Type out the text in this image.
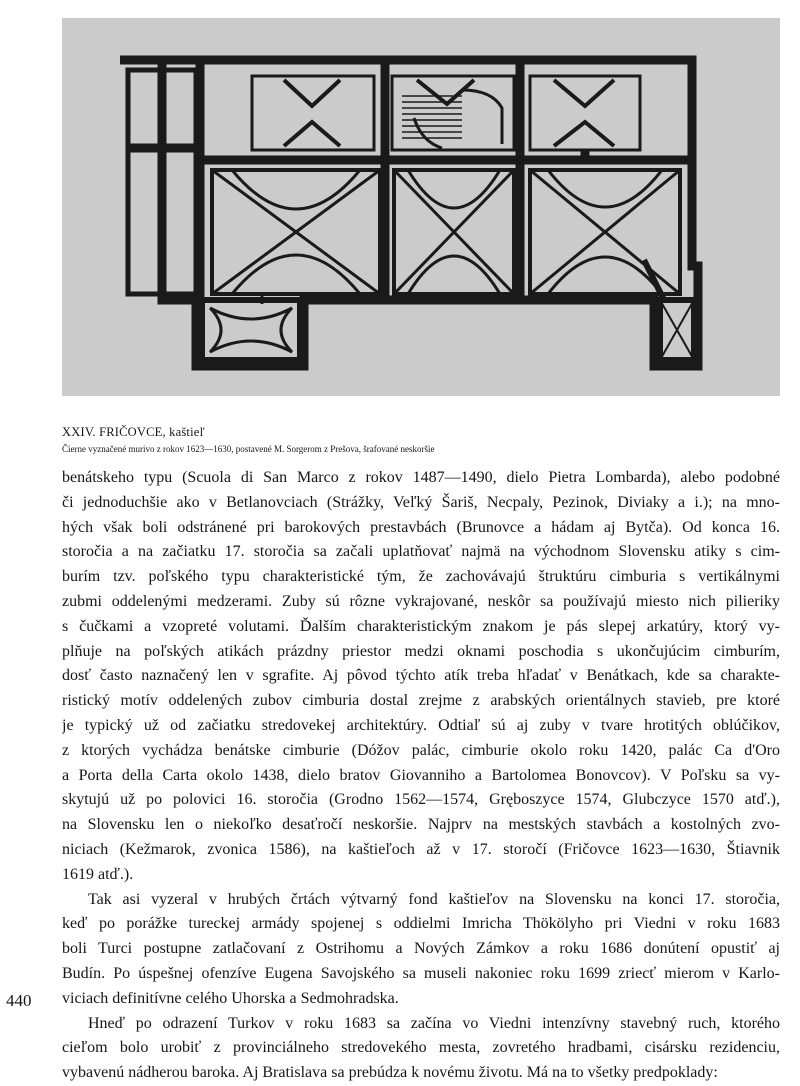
XXIV. FRIČOVCE, kaštieľ
Čierne vyznačené murivo z rokov 1623—1630, postavené M. Sorgerom z Prešova, šrafované neskoršie
benátskeho typu (Scuola di San Marco z rokov 1487—1490, dielo Pietra Lombarda), alebo podobné
či jednoduchšie ako v Betlanovciach (Strážky, Veľký Šariš, Necpaly, Pezinok, Diviaky a i.); na mno-
hých však boli odstránené pri barokových prestavbách (Brunovce a hádam aj Bytča). Od konca 16.
storočia a na začiatku 17. storočia sa začali uplatňovať najmä na východnom Slovensku atiky s cim-
burím tzv. poľského typu charakteristické tým, že zachovávajú štruktúru cimburia s vertikálnymi
zubmi oddelenými medzerami. Zuby sú rôzne vykrajované, neskôr sa používajú miesto nich pilieriky
s čučkami a vzopreté volutami. Ďalším charakteristickým znakom je pás slepej arkatúry, ktorý vy-
plňuje na poľských atikách prázdny priestor medzi oknami poschodia s ukončujúcim cimburím,
dosť často naznačený len v sgrafite. Aj pôvod týchto atík treba hľadať v Benátkach, kde sa charakte-
ristický motív oddelených zubov cimburia dostal zrejme z arabských orientálnych stavieb, pre ktoré
je typický už od začiatku stredovekej architektúry. Odtiaľ sú aj zuby v tvare hrotitých oblúčikov,
z ktorých vychádza benátske cimburie (Dóžov palác, cimburie okolo roku 1420, palác Ca d'Oro
a Porta della Carta okolo 1438, dielo bratov Giovanniho a Bartolomea Bonovcov). V Poľsku sa vy-
skytujú už po polovici 16. storočia (Grodno 1562—1574, Gręboszyce 1574, Glubczyce 1570 atď.),
na Slovensku len o niekoľko desaťročí neskoršie. Najprv na mestských stavbách a kostolných zvo-
niciach (Kežmarok, zvonica 1586), na kaštieľoch až v 17. storočí (Fričovce 1623—1630, Štiavnik
1619 atď.).
Tak asi vyzeral v hrubých črtách výtvarný fond kaštieľov na Slovensku na konci 17. storočia,
keď po porážke tureckej armády spojenej s oddielmi Imricha Thökölyho pri Viedni v roku 1683
boli Turci postupne zatlačovaní z Ostrihomu a Nových Zámkov a roku 1686 donútení opustiť aj
Budín. Po úspešnej ofenzíve Eugena Savojského sa museli nakoniec roku 1699 zriecť mierom v Karlo-
viciach definitívne celého Uhorska a Sedmohradska.
Hneď po odrazení Turkov v roku 1683 sa začína vo Viedni intenzívny stavebný ruch, ktorého
cieľom bolo urobiť z provinciálneho stredovekého mesta, zovretého hradbami, cisársku rezidenciu,
vybavenú nádherou baroka. Aj Bratislava sa prebúdza k novému životu. Má na to všetky predpoklady:
440
